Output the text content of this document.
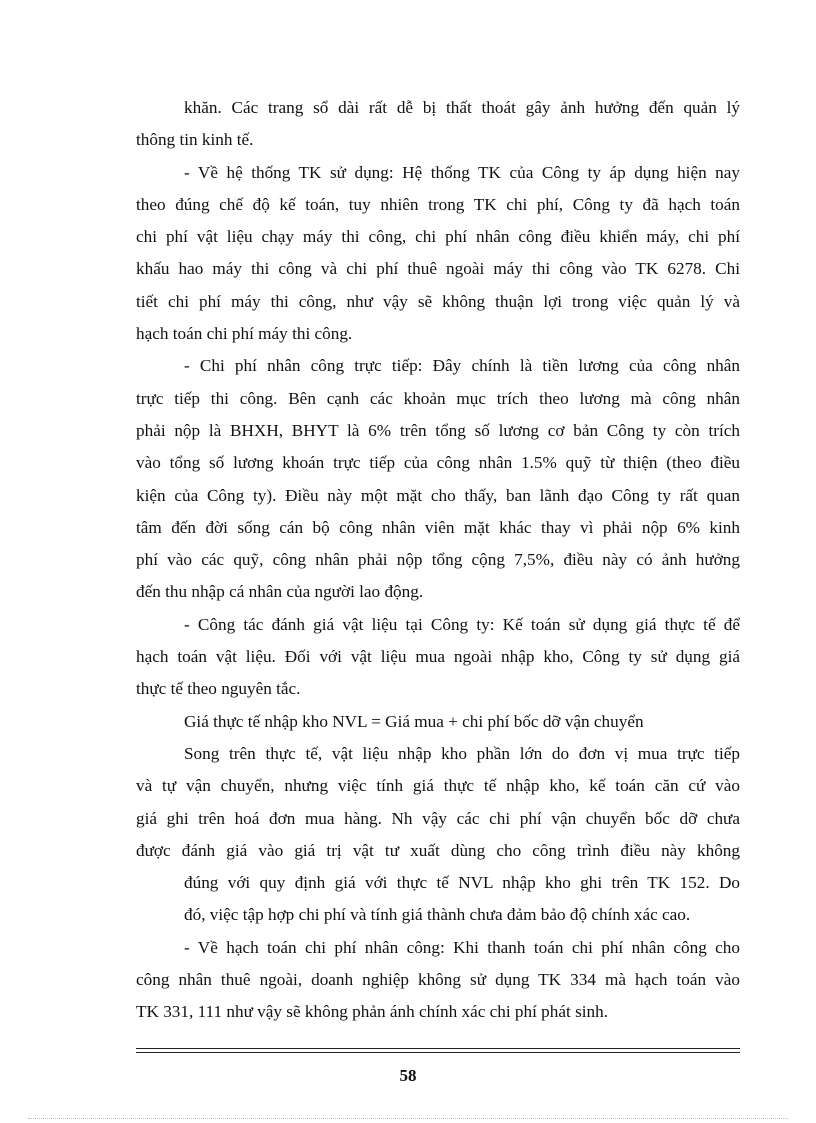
khăn. Các trang sổ dài rất dễ bị thất thoát gây ảnh hưởng đến quản lý
thông tin kinh tế.
- Về hệ thống TK sử dụng: Hệ thống TK của Công ty áp dụng hiện nay
theo đúng chế độ kế toán, tuy nhiên trong TK chi phí, Công ty đã hạch toán
chi phí vật liệu chạy máy thi công, chi phí nhân công điều khiển máy, chi phí
khấu hao máy thi công và chi phí thuê ngoài máy thi công vào TK 6278. Chi
tiết chi phí máy thi công, như vậy sẽ không thuận lợi trong việc quản lý và
hạch toán chi phí máy thi công.
- Chi phí nhân công trực tiếp: Đây chính là tiền lương của công nhân
trực tiếp thi công. Bên cạnh các khoản mục trích theo lương mà công nhân
phải nộp là BHXH, BHYT là 6% trên tổng số lương cơ bản Công ty còn trích
vào tổng số lương khoán trực tiếp của công nhân 1.5% quỹ từ thiện (theo điều
kiện của Công ty). Điều này một mặt cho thấy, ban lãnh đạo Công ty rất quan
tâm đến đời sống cán bộ công nhân viên mặt khác thay vì phải nộp 6% kinh
phí vào các quỹ, công nhân phải nộp tổng cộng 7,5%, điều này có ảnh hưởng
đến thu nhập cá nhân của người lao động.
- Công tác đánh giá vật liệu tại Công ty: Kế toán sử dụng giá thực tế để
hạch toán vật liệu. Đối với vật liệu mua ngoài nhập kho, Công ty sử dụng giá
thực tế theo nguyên tắc.
Giá thực tế nhập kho NVL = Giá mua + chi phí bốc dỡ vận chuyển
Song trên thực tế, vật liệu nhập kho phần lớn do đơn vị mua trực tiếp
và tự vận chuyển, nhưng việc tính giá thực tế nhập kho, kế toán căn cứ vào
giá ghi trên hoá đơn mua hàng. Nh vậy các chi phí vận chuyển bốc dỡ chưa
được đánh giá vào giá trị vật tư xuất dùng cho công trình điều này không
đúng với quy định giá với thực tế NVL nhập kho ghi trên TK 152. Do
đó, việc tập hợp chi phí và tính giá thành chưa đảm bảo độ chính xác cao.
- Về hạch toán chi phí nhân công: Khi thanh toán chi phí nhân công cho
công nhân thuê ngoài, doanh nghiệp không sử dụng TK 334 mà hạch toán vào
TK 331, 111 như vậy sẽ không phản ánh chính xác chi phí phát sinh.
58
